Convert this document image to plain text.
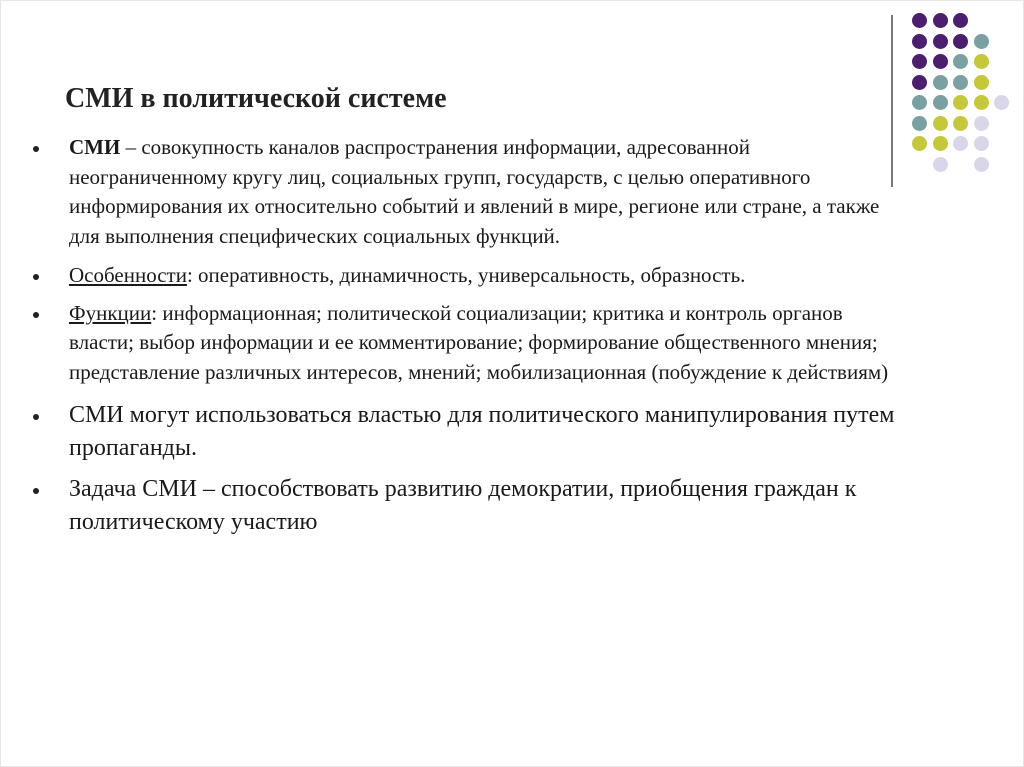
СМИ в политической системе
СМИ – совокупность каналов распространения информации, адресованной неограниченному кругу лиц, социальных групп, государств, с целью оперативного информирования их относительно событий и явлений в мире, регионе или стране, а также для выполнения специфических социальных функций.
Особенности: оперативность, динамичность, универсальность, образность.
Функции: информационная; политической социализации; критика и контроль органов власти; выбор информации и ее комментирование; формирование общественного мнения; представление различных интересов, мнений; мобилизационная (побуждение к действиям)
СМИ могут использоваться властью для политического манипулирования путем пропаганды.
Задача СМИ – способствовать развитию демократии, приобщения граждан к политическому участию
